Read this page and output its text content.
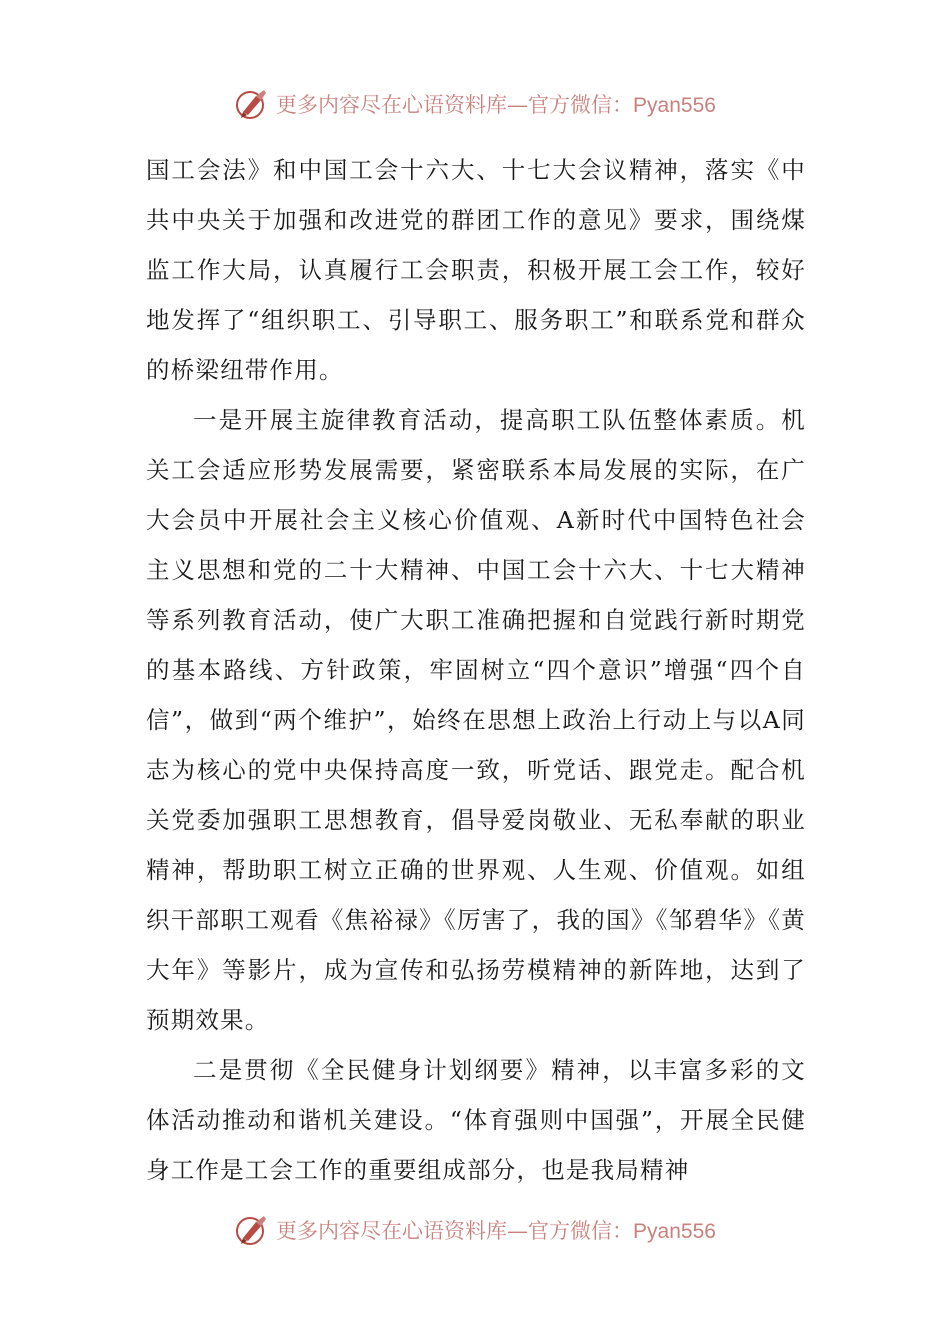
更多内容尽在心语资料库—官方微信：Pyan556

国工会法》和中国工会十六大、十七大会议精神，落实《中共中央关于加强和改进党的群团工作的意见》要求，围绕煤监工作大局，认真履行工会职责，积极开展工会工作，较好地发挥了“组织职工、引导职工、服务职工”和联系党和群众的桥梁纽带作用。

一是开展主旋律教育活动，提高职工队伍整体素质。机关工会适应形势发展需要，紧密联系本局发展的实际，在广大会员中开展社会主义核心价值观、A新时代中国特色社会主义思想和党的二十大精神、中国工会十六大、十七大精神等系列教育活动，使广大职工准确把握和自觉践行新时期党的基本路线、方针政策，牢固树立“四个意识”增强“四个自信”，做到“两个维护”，始终在思想上政治上行动上与以A同志为核心的党中央保持高度一致，听党话、跟党走。配合机关党委加强职工思想教育，倡导爱岗敬业、无私奉献的职业精神，帮助职工树立正确的世界观、人生观、价值观。如组织干部职工观看《焦裕禄》《厉害了，我的国》《邹碧华》《黄大年》等影片，成为宣传和弘扬劳模精神的新阵地，达到了预期效果。

二是贯彻《全民健身计划纲要》精神，以丰富多彩的文体活动推动和谐机关建设。“体育强则中国强”，开展全民健身工作是工会工作的重要组成部分，也是我局精神

更多内容尽在心语资料库—官方微信：Pyan556
